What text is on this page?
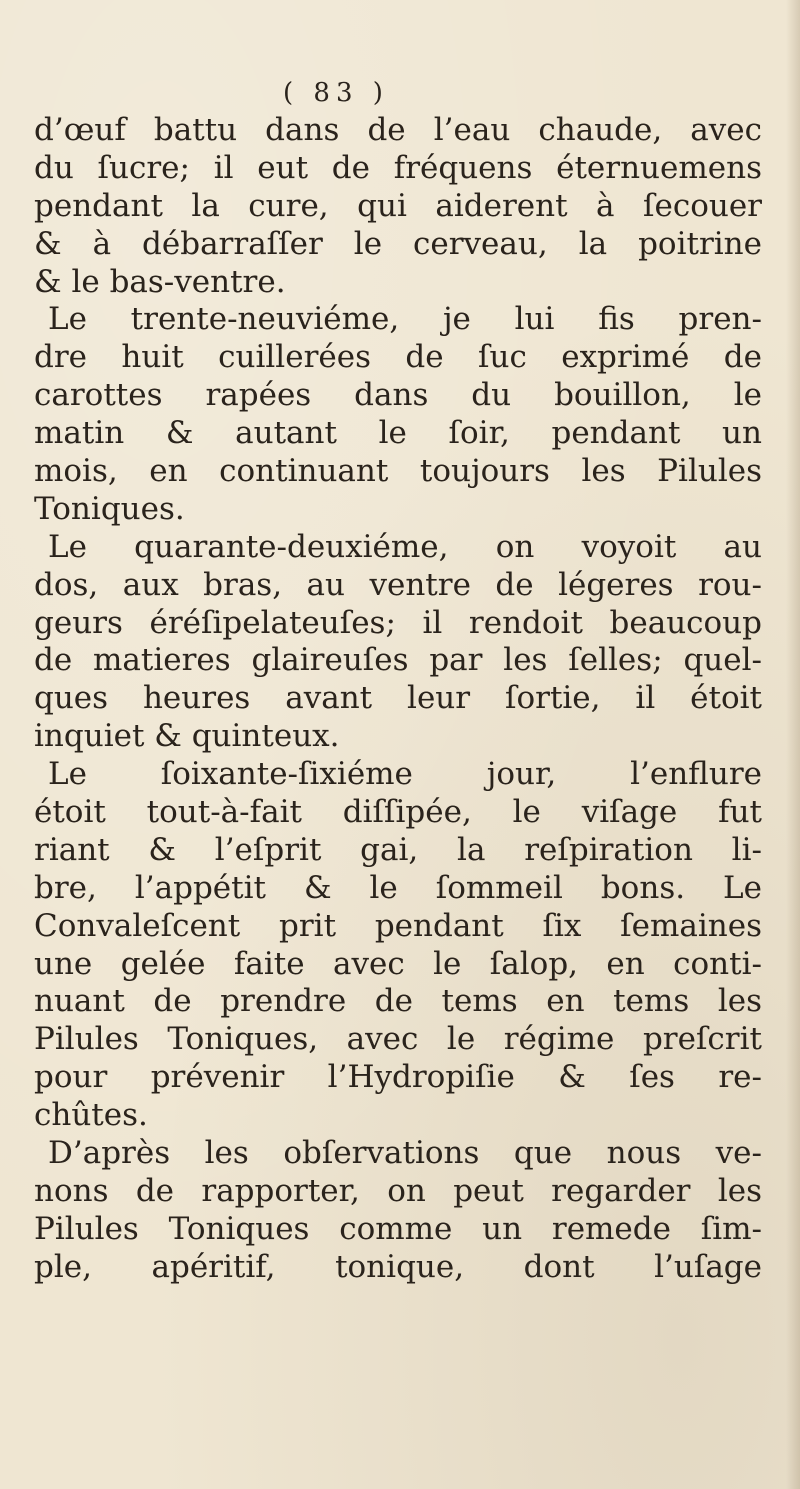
( 83 )
d’œuf battu dans de l’eau chaude, avec
du ſucre; il eut de fréquens éternuemens
pendant la cure, qui aiderent à ſecouer
& à débarraſſer le cerveau, la poitrine
& le bas-ventre.
Le trente-neuviéme, je lui fis pren-
dre huit cuillerées de ſuc exprimé de
carottes rapées dans du bouillon, le
matin & autant le ſoir, pendant un
mois, en continuant toujours les Pilules
Toniques.
Le quarante-deuxiéme, on voyoit au
dos, aux bras, au ventre de légeres rou-
geurs éréſipelateuſes; il rendoit beaucoup
de matieres glaireuſes par les ſelles; quel-
ques heures avant leur ſortie, il étoit
inquiet & quinteux.
Le ſoixante-ſixiéme jour, l’enflure
étoit tout-à-fait diſſipée, le viſage fut
riant & l’eſprit gai, la reſpiration li-
bre, l’appétit & le ſommeil bons. Le
Convaleſcent prit pendant ſix ſemaines
une gelée faite avec le ſalop, en conti-
nuant de prendre de tems en tems les
Pilules Toniques, avec le régime preſcrit
pour prévenir l’Hydropiſie & ſes re-
chûtes.
D’après les obſervations que nous ve-
nons de rapporter, on peut regarder les
Pilules Toniques comme un remede ſim-
ple, apéritif, tonique, dont l’uſage
